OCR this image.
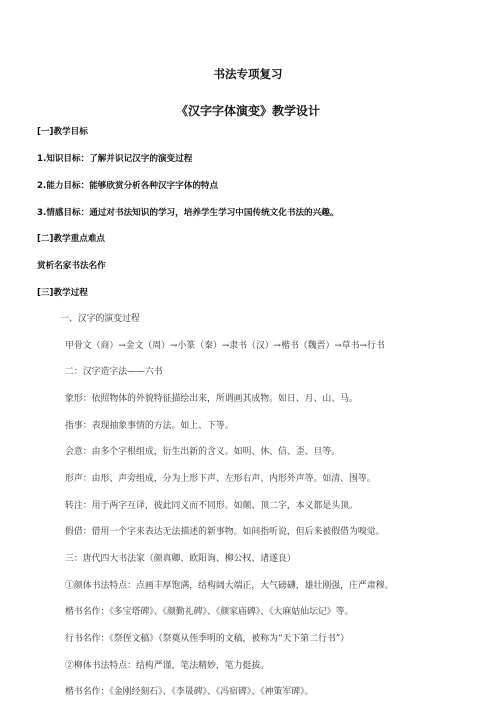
书法专项复习
《汉字字体演变》教学设计
[一]教学目标
1.知识目标：了解并识记汉字的演变过程
2.能力目标：能够欣赏分析各种汉字字体的特点
3.情感目标：通过对书法知识的学习，培养学生学习中国传统文化书法的兴趣。
[二]教学重点难点
赏析名家书法名作
[三]教学过程
一、汉字的演变过程
甲骨文（商）→金文（周）→小篆（秦）→隶书（汉）→楷书（魏晋）→草书→行书
二：汉字造字法——六书
象形：依照物体的外貌特征描绘出来，所谓画其成物。如日、月、山、马。
指事：表现抽象事情的方法。如上、下等。
会意：由多个字根组成，衍生出新的含义。如明、休、信、歪、旦等。
形声：由形、声旁组成，分为上形下声、左形右声、内形外声等。如清、围等。
转注：用于两字互译，彼此同义而不同形。如颠、顶二字，本义都是头顶。
假借：借用一个字来表达无法描述的新事物。如间指听说，但后来被假借为嗅觉。
三：唐代四大书法家（颜真卿、欧阳询、柳公权、诸遂良）
①颜体书法特点：点画丰厚饱满，结构阔大端正，大气磅礴，雄壮刚强，庄严肃穆。
楷书名作：《多宝塔碑》、《颜勤礼碑》、《颜家庙碑》、《大麻姑仙坛记》等。
行书名作：《祭侄文稿》（祭奠从侄季明的文稿，被称为“天下第二行书”）
②柳体书法特点：结构严谨，笔法精妙，笔力挺拔。
楷书名作：《金刚经刻石》、《李晟碑》、《冯宿碑》、《神策军碑》。
